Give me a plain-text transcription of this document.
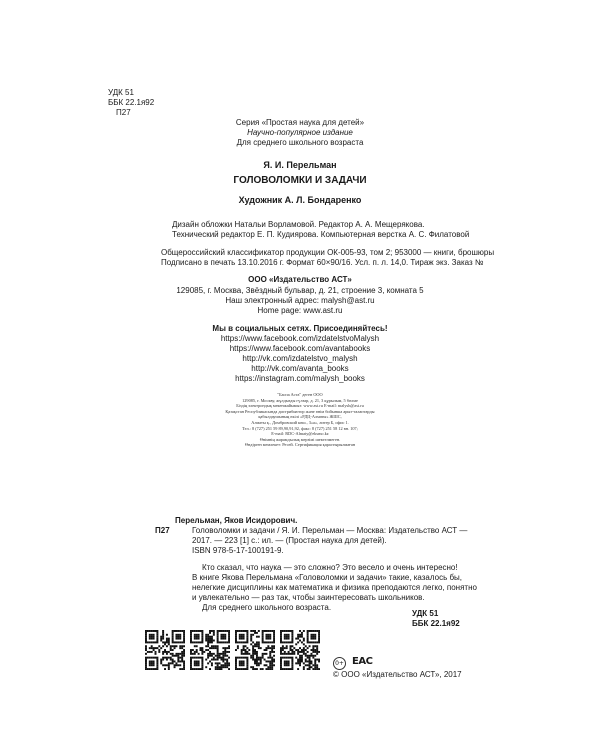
УДК 51
ББК 22.1я92
П27
Серия «Простая наука для детей»
Научно-популярное издание
Для среднего школьного возраста
Я. И. Перельман
ГОЛОВОЛОМКИ И ЗАДАЧИ
Художник А. Л. Бондаренко
Дизайн обложки Натальи Ворламовой. Редактор А. А. Мещерякова.
Технический редактор Е. П. Кудиярова. Компьютерная верстка А. С. Филатовой
Общероссийский классификатор продукции ОК-005-93, том 2; 953000 — книги, брошюры
Подписано в печать 13.10.2016 г. Формат 60×90/16. Усл. п. л. 14,0. Тираж экз. Заказ №
ООО «Издательство АСТ»
129085, г. Москва, Звёздный бульвар, д. 21, строение 3, комната 5
Наш электронный адрес: malysh@ast.ru
Home page: www.ast.ru
Мы в социальных сетях. Присоединяйтесь!
https://www.facebook.com/izdatelstvoMalysh
https://www.facebook.com/avantabooks
http://vk.com/izdatelstvo_malysh
http://vk.com/avanta_books
https://instagram.com/malysh_books
"Баспа Аста" деген ООО
129085, г. Москву, жұлдызды гүлзар, д. 21, 3 құрылым, 5 бөлме
Біздің электрондық мекенжайымыз: www.ast.ru E-mail: malysh@ast.ru
Қазақстан Республикасында дистрибьютор және өнім бойынша арыз-талаптарды
қабылдаушының өкілі «РДЦ-Алматы» ЖШС,
Алматы қ., Домбровский көш., 3«а», литер Б, офис 1.
Тел.: 8 (727) 251 59 89,90,91,92, факс: 8 (727) 251 58 12 вн. 107;
E-mail: RDC-Almaty@eksmo.kz
Өнімнің жарамдылық мерзімі шектелмеген.
Өндірген мемлекет: Ресей. Сертификация қарастырылмаған
Перельман, Яков Исидорович.
П27	Головоломки и задачи / Я. И. Перельман — Москва: Издательство АСТ —
2017. — 223 [1] с.: ил. — (Простая наука для детей).
ISBN 978-5-17-100191-9.
Кто сказал, что наука — это сложно? Это весело и очень интересно!
В книге Якова Перельмана «Головоломки и задачи» такие, казалось бы,
нелегкие дисциплины как математика и физика преподаются легко, понятно
и увлекательно — раз так, чтобы заинтересовать школьников.
Для среднего школьного возраста.
УДК 51
ББК 22.1я92
0+ ЕАС
© ООО «Издательство АСТ», 2017
